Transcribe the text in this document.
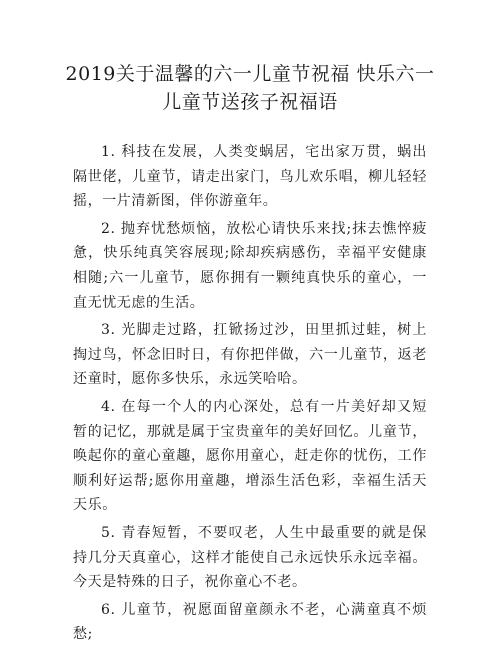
2019关于温馨的六一儿童节祝福 快乐六一儿童节送孩子祝福语

1. 科技在发展，人类变蜗居，宅出家万贯，蜗出隔世佬，儿童节，请走出家门，鸟儿欢乐唱，柳儿轻轻摇，一片清新图，伴你游童年。

2. 抛弃忧愁烦恼，放松心请快乐来找;抹去憔悴疲惫，快乐纯真笑容展现;除却疾病感伤，幸福平安健康相随;六一儿童节，愿你拥有一颗纯真快乐的童心，一直无忧无虑的生活。

3. 光脚走过路，扛锨扬过沙，田里抓过蛙，树上掏过鸟，怀念旧时日，有你把伴做，六一儿童节，返老还童时，愿你多快乐，永远笑哈哈。

4. 在每一个人的内心深处，总有一片美好却又短暂的记忆，那就是属于宝贵童年的美好回忆。儿童节，唤起你的童心童趣，愿你用童心，赶走你的忧伤，工作顺利好运帮;愿你用童趣，增添生活色彩，幸福生活天天乐。

5. 青春短暂，不要叹老，人生中最重要的就是保持几分天真童心，这样才能使自己永远快乐永远幸福。今天是特殊的日子，祝你童心不老。

6. 儿童节，祝愿面留童颜永不老，心满童真不烦愁;
